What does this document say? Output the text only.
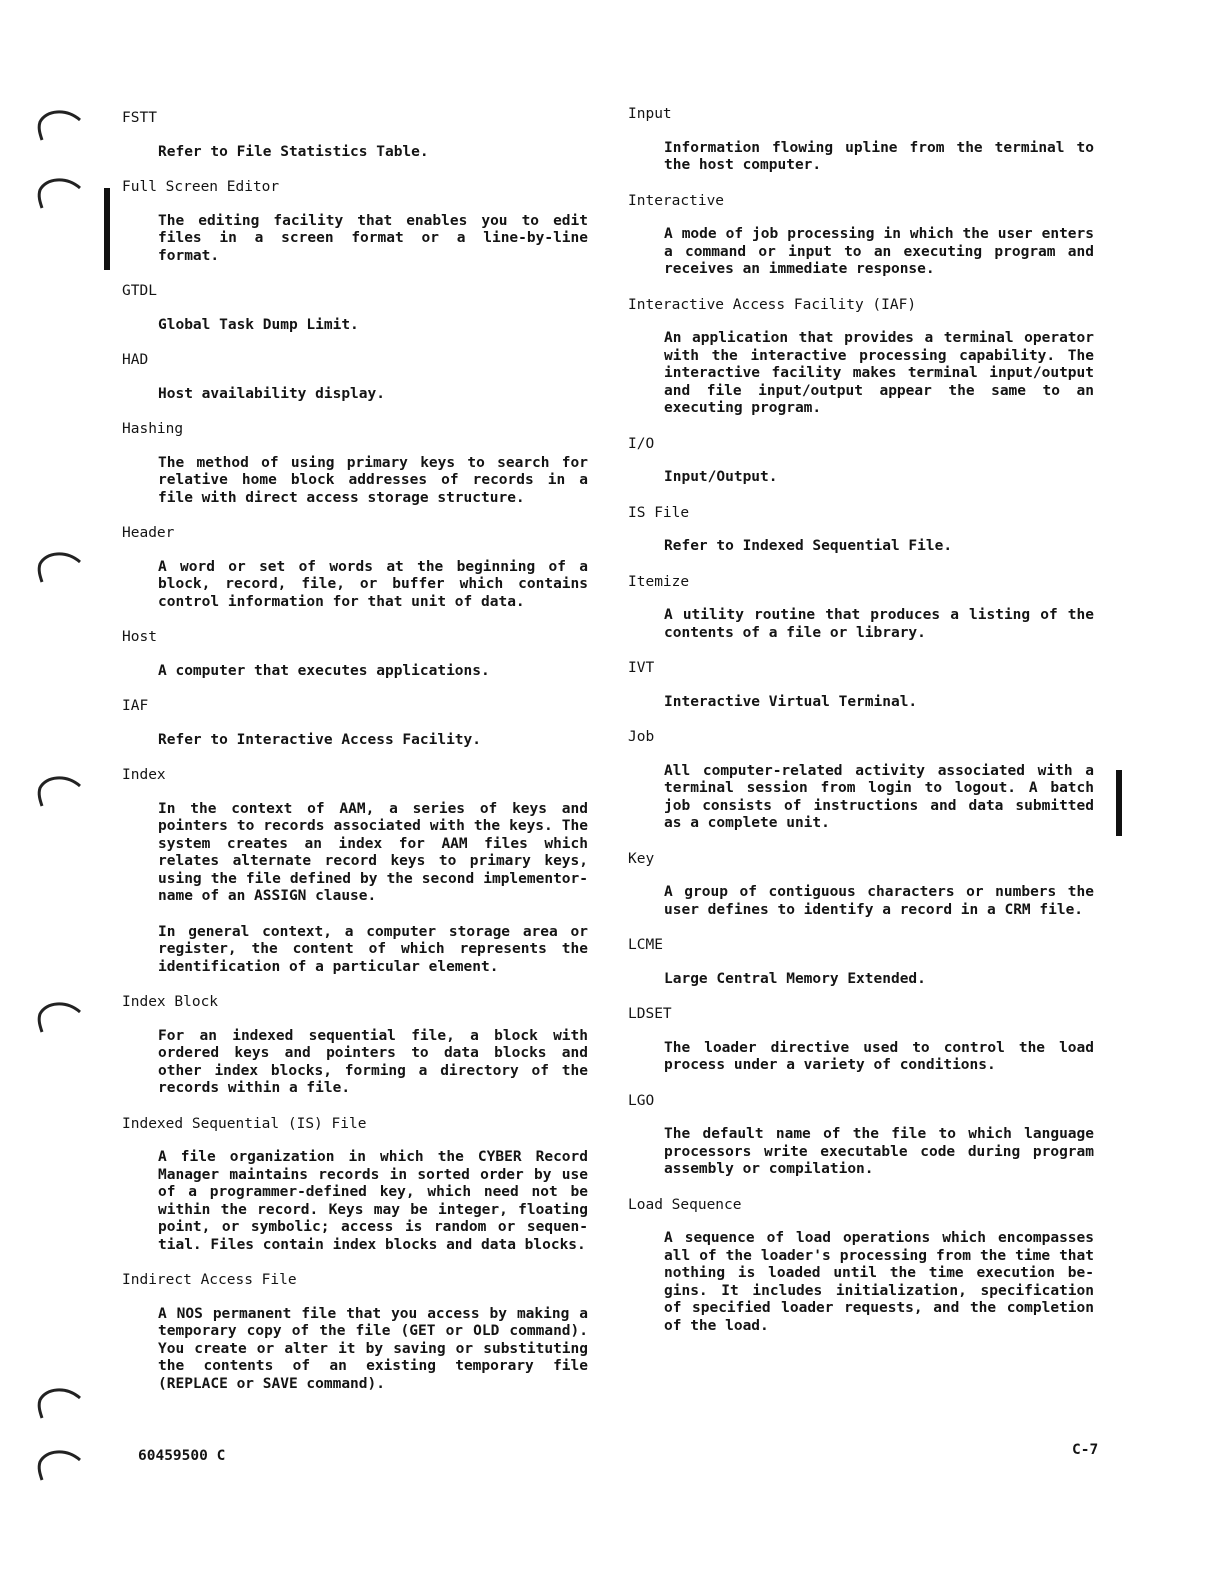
FSTT
Refer to File Statistics Table.
Full Screen Editor
The editing facility that enables you to edit files in a screen format or a line-by-line format.
GTDL
Global Task Dump Limit.
HAD
Host availability display.
Hashing
The method of using primary keys to search for relative home block addresses of records in a file with direct access storage structure.
Header
A word or set of words at the beginning of a block, record, file, or buffer which contains control information for that unit of data.
Host
A computer that executes applications.
IAF
Refer to Interactive Access Facility.
Index
In the context of AAM, a series of keys and pointers to records associated with the keys. The system creates an index for AAM files which relates alternate record keys to primary keys, using the file defined by the second implementor-name of an ASSIGN clause.
In general context, a computer storage area or register, the content of which represents the identification of a particular element.
Index Block
For an indexed sequential file, a block with ordered keys and pointers to data blocks and other index blocks, forming a directory of the records within a file.
Indexed Sequential (IS) File
A file organization in which the CYBER Record Manager maintains records in sorted order by use of a programmer-defined key, which need not be within the record. Keys may be integer, floating point, or symbolic; access is random or sequen- tial. Files contain index blocks and data blocks.
Indirect Access File
A NOS permanent file that you access by making a temporary copy of the file (GET or OLD command). You create or alter it by saving or substituting the contents of an existing temporary file (REPLACE or SAVE command).
Input
Information flowing upline from the terminal to the host computer.
Interactive
A mode of job processing in which the user enters a command or input to an executing program and receives an immediate response.
Interactive Access Facility (IAF)
An application that provides a terminal operator with the interactive processing capability. The interactive facility makes terminal input/output and file input/output appear the same to an executing program.
I/O
Input/Output.
IS File
Refer to Indexed Sequential File.
Itemize
A utility routine that produces a listing of the contents of a file or library.
IVT
Interactive Virtual Terminal.
Job
All computer-related activity associated with a terminal session from login to logout. A batch job consists of instructions and data submitted as a complete unit.
Key
A group of contiguous characters or numbers the user defines to identify a record in a CRM file.
LCME
Large Central Memory Extended.
LDSET
The loader directive used to control the load process under a variety of conditions.
LGO
The default name of the file to which language processors write executable code during program assembly or compilation.
Load Sequence
A sequence of load operations which encompasses all of the loader's processing from the time that nothing is loaded until the time execution be- gins. It includes initialization, specification of specified loader requests, and the completion of the load.
60459500 C	C-7
